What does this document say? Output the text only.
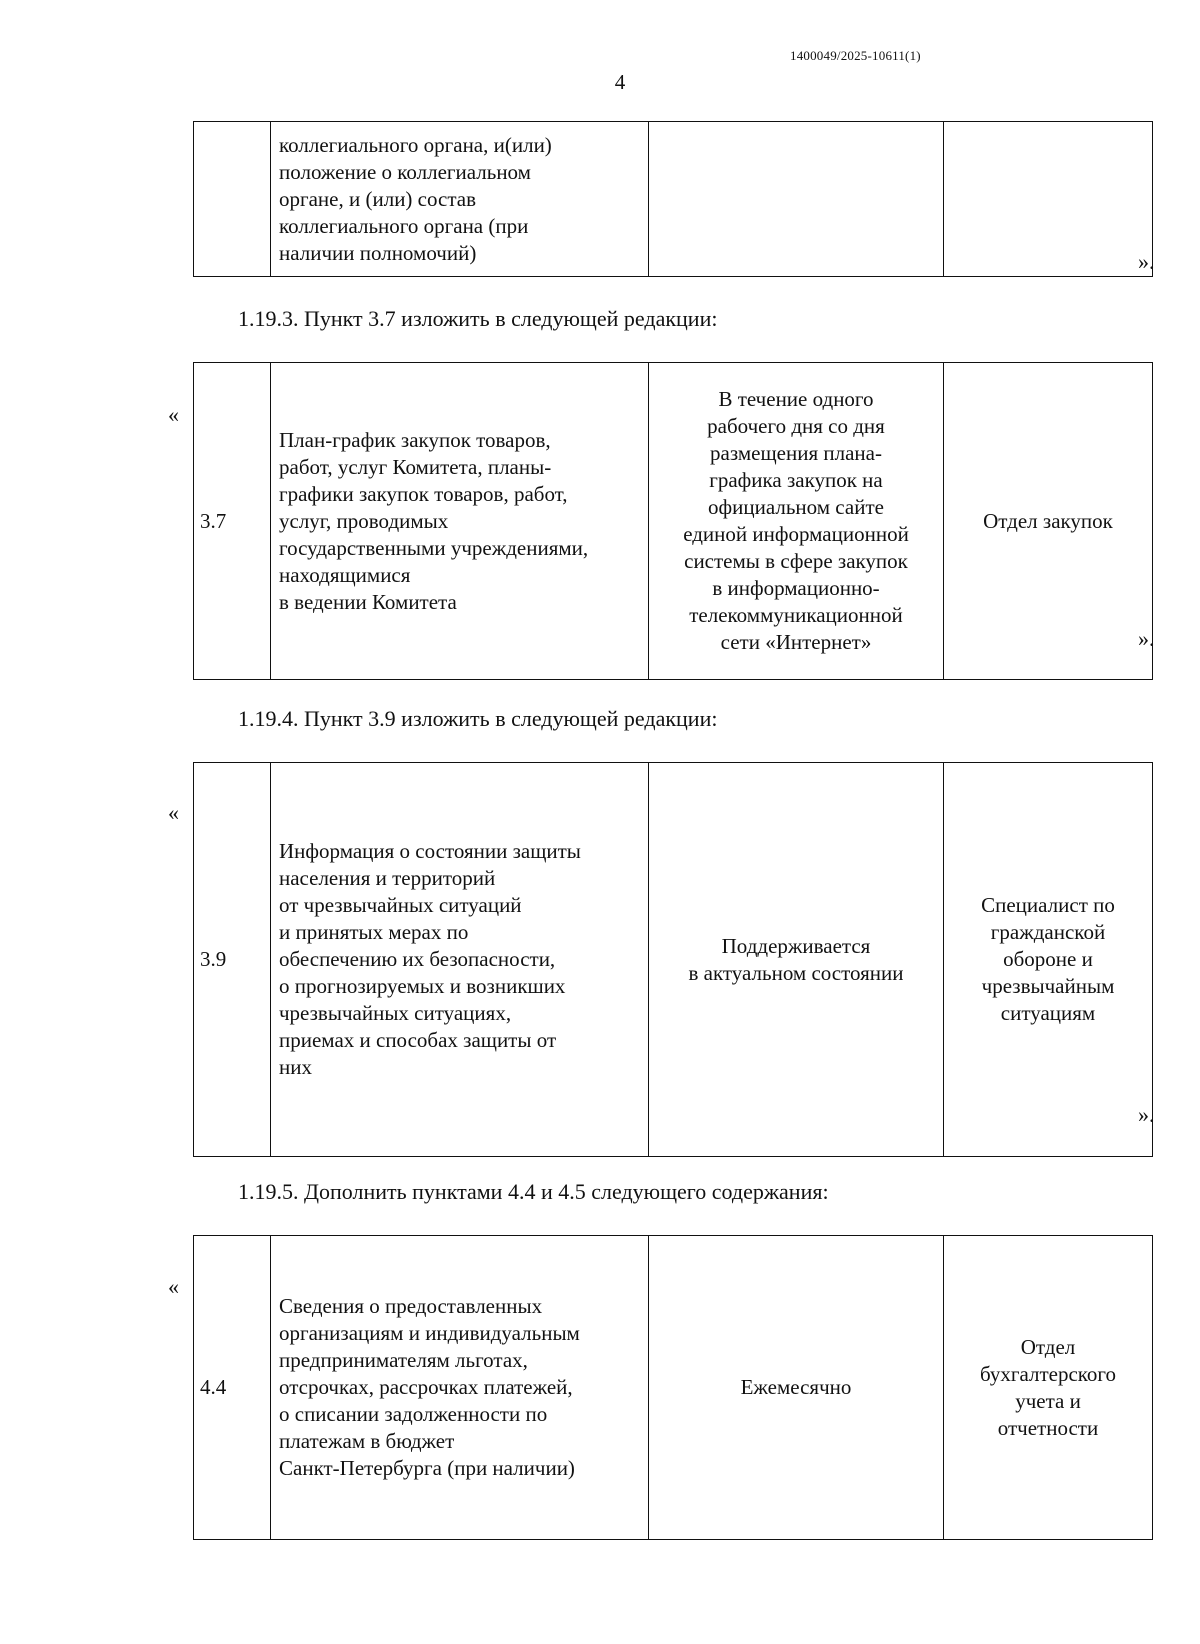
1400049/2025-10611(1)
4

коллегиального органа, и(или)
положение о коллегиальном
органе, и (или) состав
коллегиального органа (при
наличии полномочий)
			».
1.19.3. Пункт 3.7 изложить в следующей редакции:
«
3.7	
План-график закупок товаров,
работ, услуг Комитета, планы-
графики закупок товаров, работ,
услуг, проводимых
государственными учреждениями,
находящимися
в ведении Комитета

В течение одного
рабочего дня со дня
размещения плана-
графика закупок на
официальном сайте
единой информационной
системы в сфере закупок
в информационно-
телекоммуникационной
сети «Интернет»

Отдел закупок
».
1.19.4. Пункт 3.9 изложить в следующей редакции:
«
3.9	
Информация о состоянии защиты
населения и территорий
от чрезвычайных ситуаций
и принятых мерах по
обеспечению их безопасности,
о прогнозируемых и возникших
чрезвычайных ситуациях,
приемах и способах защиты от
них

Поддерживается
в актуальном состоянии

Специалист по
гражданской
обороне и
чрезвычайным
ситуациям
».
1.19.5. Дополнить пунктами 4.4 и 4.5 следующего содержания:
«
4.4	
Сведения о предоставленных
организациям и индивидуальным
предпринимателям льготах,
отсрочках, рассрочках платежей,
о списании задолженности по
платежам в бюджет
Санкт-Петербурга (при наличии)

Ежемесячно

Отдел
бухгалтерского
учета и
отчетности
